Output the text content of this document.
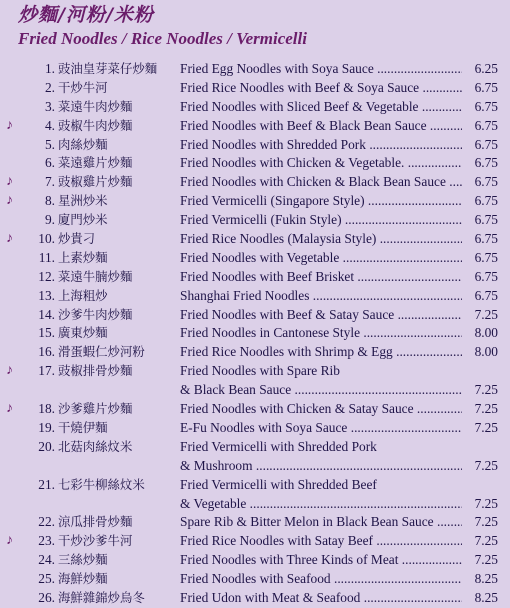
炒麵/河粉/米粉
Fried Noodles / Rice Noodles / Vermicelli
1. 豉油皇芽菜仔炒麵	Fried Egg Noodles with Soya Sauce .....	6.25
2. 干炒牛河	Fried Rice Noodles with Beef & Soya Sauce .....	6.75
3. 菜遠牛肉炒麵	Fried Noodles with Sliced Beef & Vegetable .....	6.75
♪	4. 豉椒牛肉炒麵	Fried Noodles with Beef & Black Bean Sauce .....	6.75
5. 肉絲炒麵	Fried Noodles with Shredded Pork .....	6.75
6. 菜遠雞片炒麵	Fried Noodles with Chicken & Vegetable. .....	6.75
♪	7. 豉椒雞片炒麵	Fried Noodles with Chicken & Black Bean Sauce .....	6.75
♪	8. 星洲炒米	Fried Vermicelli (Singapore Style) .....	6.75
9. 廈門炒米	Fried Vermicelli (Fukin Style) .....	6.75
♪	10. 炒貴刁	Fried Rice Noodles (Malaysia Style) .....	6.75
11. 上素炒麵	Fried Noodles with Vegetable .....	6.75
12. 菜遠牛腩炒麵	Fried Noodles with Beef Brisket .....	6.75
13. 上海粗炒	Shanghai Fried Noodles .....	6.75
14. 沙爹牛肉炒麵	Fried Noodles with Beef & Satay Sauce .....	7.25
15. 廣東炒麵	Fried Noodles in Cantonese Style .....	8.00
16. 滑蛋蝦仁炒河粉	Fried Rice Noodles with Shrimp & Egg .....	8.00
♪	17. 豉椒排骨炒麵	Fried Noodles with Spare Rib
& Black Bean Sauce .....	7.25
♪	18. 沙爹雞片炒麵	Fried Noodles with Chicken & Satay Sauce .....	7.25
19. 干燒伊麵	E-Fu Noodles with Soya Sauce .....	7.25
20. 北菇肉絲炆米	Fried Vermicelli with Shredded Pork
& Mushroom .....	7.25
21. 七彩牛柳絲炆米	Fried Vermicelli with Shredded Beef
& Vegetable .....	7.25
22. 涼瓜排骨炒麵	Spare Rib & Bitter Melon in Black Bean Sauce .....	7.25
♪	23. 干炒沙爹牛河	Fried Rice Noodles with Satay Beef .....	7.25
24. 三絲炒麵	Fried Noodles with Three Kinds of Meat .....	7.25
25. 海鮮炒麵	Fried Noodles with Seafood .....	8.25
26. 海鮮雜錦炒烏冬	Fried Udon with Meat & Seafood .....	8.25
